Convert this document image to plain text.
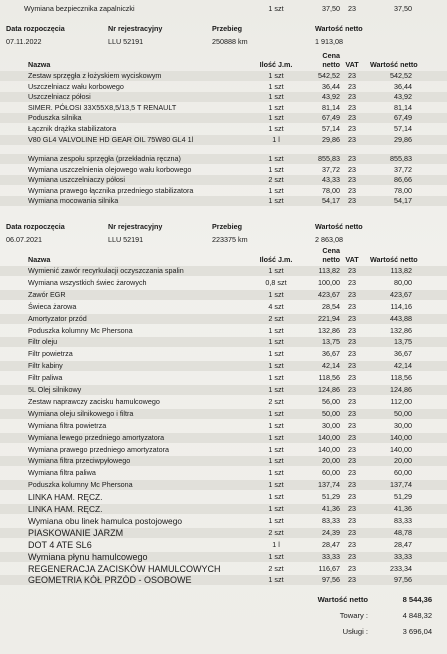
Wymiana bezpiecznika zapalniczki	1 szt	37,50	23	37,50
Data rozpoczęcia	Nr rejestracyjny	Przebieg	Wartość netto
07.11.2022	LLU 52191	250888 km	1 913,08
Cena
Nazwa	Ilość J.m.	netto VAT Wartość netto
Zestaw sprzęgła z łożyskiem wyciskowym	1 szt	542,52	23	542,52
Uszczelniacz wału korbowego	1 szt	36,44	23	36,44
Uszczelniacz półosi	1 szt	43,92	23	43,92
SIMER. PÓŁOSI 33X55X8,5/13,5 T RENAULT	1 szt	81,14	23	81,14
Poduszka silnika	1 szt	67,49	23	67,49
Łącznik drążka stabilizatora	1 szt	57,14	23	57,14
V80 GL4 VALVOLINE HD GEAR OIL 75W80 GL4 1l	1 l	29,86	23	29,86
Wymiana zespołu sprzęgła (przekładnia ręczna)	1 szt	855,83	23	855,83
Wymiana uszczelnienia olejowego wału korbowego	1 szt	37,72	23	37,72
Wymiana uszczelniaczy półosi	2 szt	43,33	23	86,66
Wymiana prawego łącznika przedniego stabilizatora	1 szt	78,00	23	78,00
Wymiana mocowania silnika	1 szt	54,17	23	54,17
Data rozpoczęcia	Nr rejestracyjny	Przebieg	Wartość netto
06.07.2021	LLU 52191	223375 km	2 863,08
Cena
Nazwa	Ilość J.m.	netto VAT Wartość netto
Wymienić zawór recyrkulacji oczyszczania spalin	1 szt	113,82	23	113,82
Wymiana wszystkich świec żarowych	0,8 szt	100,00	23	80,00
Zawór EGR	1 szt	423,67	23	423,67
Świeca żarowa	4 szt	28,54	23	114,16
Amortyzator przód	2 szt	221,94	23	443,88
Poduszka kolumny Mc Phersona	1 szt	132,86	23	132,86
Filtr oleju	1 szt	13,75	23	13,75
Filtr powietrza	1 szt	36,67	23	36,67
Filtr kabiny	1 szt	42,14	23	42,14
Filtr paliwa	1 szt	118,56	23	118,56
5L Olej silnikowy	1 szt	124,86	23	124,86
Zestaw naprawczy zacisku hamulcowego	2 szt	56,00	23	112,00
Wymiana oleju silnikowego i filtra	1 szt	50,00	23	50,00
Wymiana filtra powietrza	1 szt	30,00	23	30,00
Wymiana lewego przedniego amortyzatora	1 szt	140,00	23	140,00
Wymiana prawego przedniego amortyzatora	1 szt	140,00	23	140,00
Wymiana filtra przeciwpyłowego	1 szt	20,00	23	20,00
Wymiana filtra paliwa	1 szt	60,00	23	60,00
Poduszka kolumny Mc Phersona	1 szt	137,74	23	137,74
LINKA HAM. RĘCZ.	1 szt	51,29	23	51,29
LINKA HAM. RĘCZ.	1 szt	41,36	23	41,36
Wymiana obu linek hamulca postojowego	1 szt	83,33	23	83,33
PIASKOWANIE JARZM	2 szt	24,39	23	48,78
DOT 4 ATE SL6	1 l	28,47	23	28,47
Wymiana płynu hamulcowego	1 szt	33,33	23	33,33
REGENERACJA ZACISKÓW HAMULCOWYCH	2 szt	116,67	23	233,34
GEOMETRIA KÓŁ PRZÓD - OSOBOWE	1 szt	97,56	23	97,56
Wartość netto	8 544,36
Towary :	4 848,32
Usługi :	3 696,04
